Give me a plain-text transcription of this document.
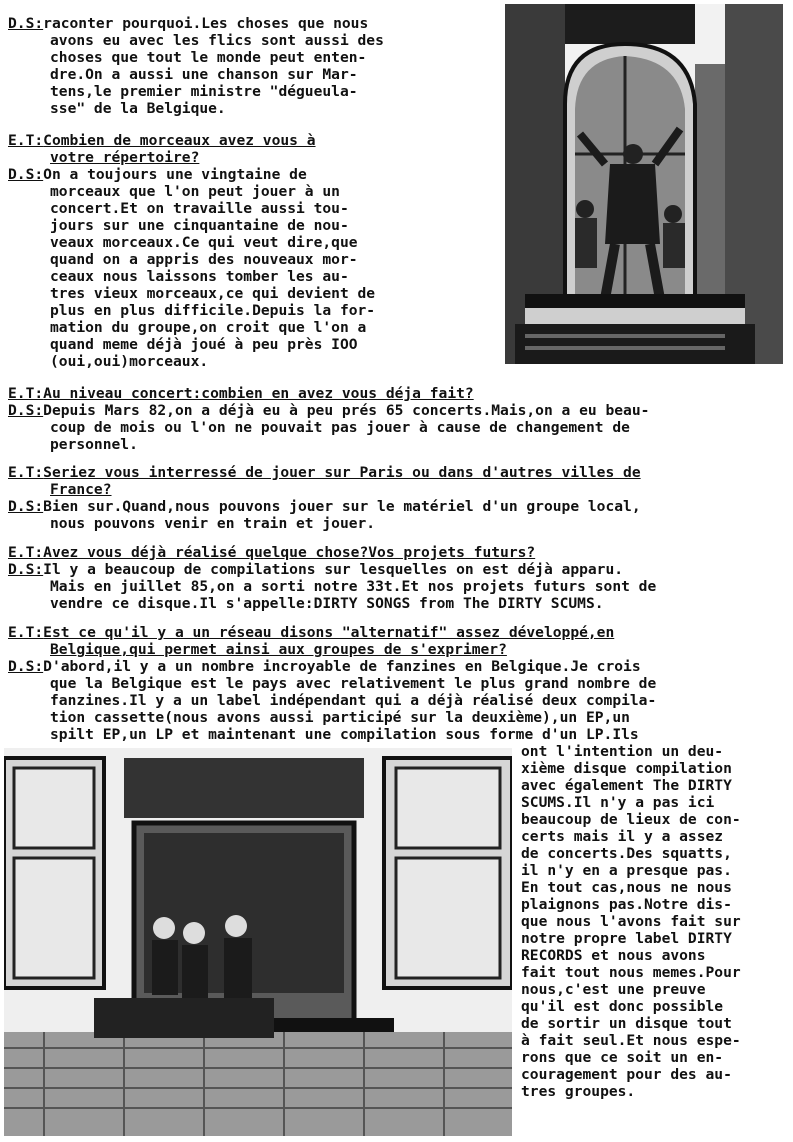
D.S:raconter pourquoi.Les choses que nous
avons eu avec les flics sont aussi des
choses que tout le monde peut enten-
dre.On a aussi une chanson sur Mar-
tens,le premier ministre "dégueula-
sse" de la Belgique.
E.T:Combien de morceaux avez vous à
votre répertoire?
D.S:On a toujours une vingtaine de
morceaux que l'on peut jouer à un
concert.Et on travaille aussi tou-
jours sur une cinquantaine de nou-
veaux morceaux.Ce qui veut dire,que
quand on a appris des nouveaux mor-
ceaux nous laissons tomber les au-
tres vieux morceaux,ce qui devient de
plus en plus difficile.Depuis la for-
mation du groupe,on croit que l'on a
quand meme déjà joué à peu près IOO
(oui,oui)morceaux.
E.T:Au niveau concert:combien en avez vous déja fait?
D.S:Depuis Mars 82,on a déjà eu à peu prés 65 concerts.Mais,on a eu beau-
coup de mois ou l'on ne pouvait pas jouer à cause de changement de
personnel.
E.T:Seriez vous interressé de jouer sur Paris ou dans d'autres villes de
France?
D.S:Bien sur.Quand,nous pouvons jouer sur le matériel d'un groupe local,
nous pouvons venir en train et jouer.
E.T:Avez vous déjà réalisé quelque chose?Vos projets futurs?
D.S:Il y a beaucoup de compilations sur lesquelles on est déjà apparu.
Mais en juillet 85,on a sorti notre 33t.Et nos projets futurs sont de
vendre ce disque.Il s'appelle:DIRTY SONGS from The DIRTY SCUMS.
E.T:Est ce qu'il y a un réseau disons "alternatif" assez développé,en
Belgique,qui permet ainsi aux groupes de s'exprimer?
D.S:D'abord,il y a un nombre incroyable de fanzines en Belgique.Je crois
que la Belgique est le pays avec relativement le plus grand nombre de
fanzines.Il y a un label indépendant qui a déjà réalisé deux compila-
tion cassette(nous avons aussi participé sur la deuxième),un EP,un
spilt EP,un LP et maintenant une compilation sous forme d'un LP.Ils
ont l'intention un deu-
xième disque compilation
avec également The DIRTY
SCUMS.Il n'y a pas ici
beaucoup de lieux de con-
certs mais il y a assez
de concerts.Des squatts,
il n'y en a presque pas.
En tout cas,nous ne nous
plaignons pas.Notre dis-
que nous l'avons fait sur
notre propre label DIRTY
RECORDS et nous avons
fait tout nous memes.Pour
nous,c'est une preuve
qu'il est donc possible
de sortir un disque tout
à fait seul.Et nous espe-
rons que ce soit un en-
couragement pour des au-
tres groupes.
